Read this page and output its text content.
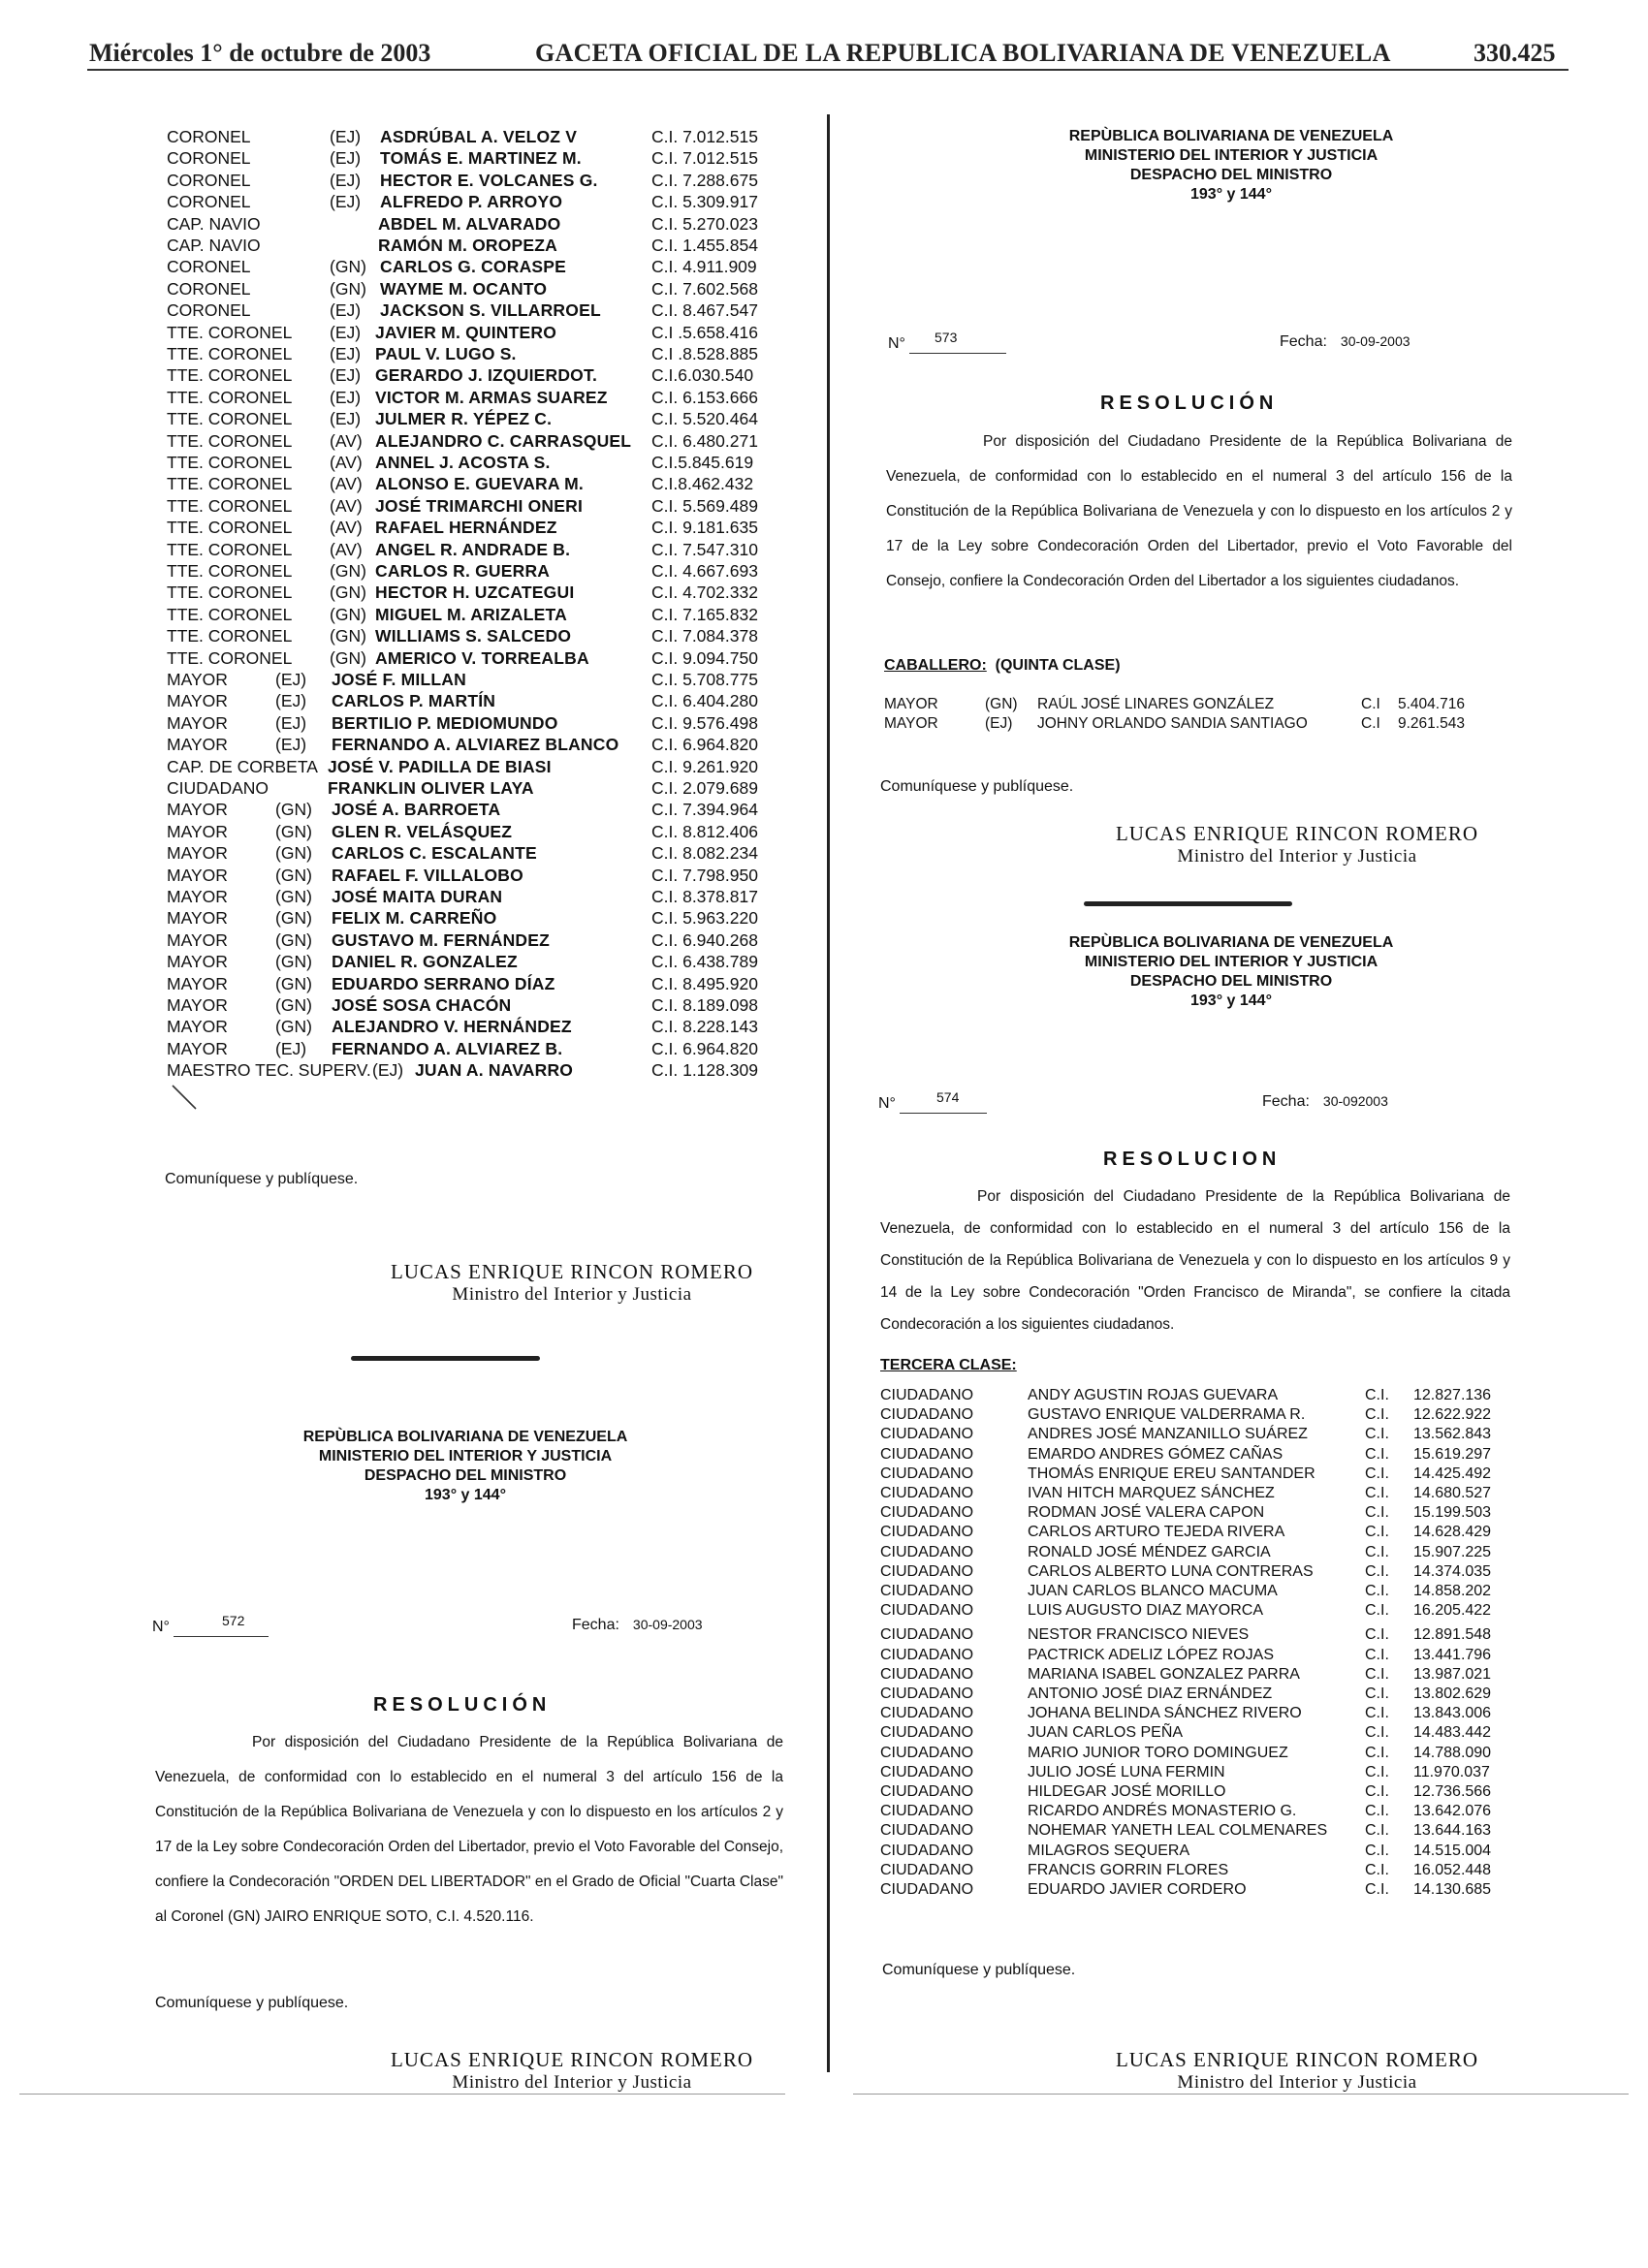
Miércoles 1° de octubre de 2003	GACETA OFICIAL DE LA REPUBLICA BOLIVARIANA DE VENEZUELA	330.425
CORONEL	(EJ) ASDRÚBAL A. VELOZ V	C.I. 7.012.515
CORONEL	(EJ) TOMÁS E. MARTINEZ M.	C.I. 7.012.515
CORONEL	(EJ) HECTOR E. VOLCANES G.	C.I. 7.288.675
CORONEL	(EJ) ALFREDO P. ARROYO	C.I. 5.309.917
CAP. NAVIO	ABDEL M. ALVARADO	C.I. 5.270.023
CAP. NAVIO	RAMÓN M. OROPEZA	C.I. 1.455.854
CORONEL	(GN) CARLOS G. CORASPE	C.I. 4.911.909
CORONEL	(GN) WAYME M. OCANTO	C.I. 7.602.568
CORONEL	(EJ) JACKSON S. VILLARROEL	C.I. 8.467.547
TTE. CORONEL (EJ) JAVIER M. QUINTERO	C.I .5.658.416
TTE. CORONEL (EJ) PAUL V. LUGO S.	C.I .8.528.885
TTE. CORONEL (EJ) GERARDO J. IZQUIERDOT.	C.I.6.030.540
TTE. CORONEL (EJ) VICTOR M. ARMAS SUAREZ	C.I. 6.153.666
TTE. CORONEL (EJ) JULMER R. YÉPEZ C.	C.I. 5.520.464
TTE. CORONEL (AV) ALEJANDRO C. CARRASQUEL C.I. 6.480.271
TTE. CORONEL (AV) ANNEL J. ACOSTA S.	C.I.5.845.619
TTE. CORONEL (AV) ALONSO E. GUEVARA M.	C.I.8.462.432
TTE. CORONEL (AV) JOSÉ TRIMARCHI ONERI	C.I. 5.569.489
TTE. CORONEL (AV) RAFAEL HERNÁNDEZ	C.I. 9.181.635
TTE. CORONEL (AV) ANGEL R. ANDRADE B.	C.I. 7.547.310
TTE. CORONEL (GN) CARLOS R. GUERRA	C.I. 4.667.693
TTE. CORONEL (GN) HECTOR H. UZCATEGUI	C.I. 4.702.332
TTE. CORONEL (GN) MIGUEL M. ARIZALETA	C.I. 7.165.832
TTE. CORONEL (GN) WILLIAMS S. SALCEDO	C.I. 7.084.378
TTE. CORONEL (GN) AMERICO V. TORREALBA	C.I. 9.094.750
MAYOR	(EJ) JOSÉ F. MILLAN	C.I. 5.708.775
MAYOR	(EJ) CARLOS P. MARTÍN	C.I. 6.404.280
MAYOR	(EJ) BERTILIO P. MEDIOMUNDO	C.I. 9.576.498
MAYOR	(EJ) FERNANDO A. ALVIAREZ BLANCO C.I. 6.964.820
CAP. DE CORBETA JOSÉ V. PADILLA DE BIASI	C.I. 9.261.920
CIUDADANO	FRANKLIN OLIVER LAYA	C.I. 2.079.689
MAYOR	(GN) JOSÉ A. BARROETA	C.I. 7.394.964
MAYOR	(GN) GLEN R. VELÁSQUEZ	C.I. 8.812.406
MAYOR	(GN) CARLOS C. ESCALANTE	C.I. 8.082.234
MAYOR	(GN) RAFAEL F. VILLALOBO	C.I. 7.798.950
MAYOR	(GN) JOSÉ MAITA DURAN	C.I. 8.378.817
MAYOR	(GN) FELIX M. CARREÑO	C.I. 5.963.220
MAYOR	(GN) GUSTAVO M. FERNÁNDEZ	C.I. 6.940.268
MAYOR	(GN) DANIEL R. GONZALEZ	C.I. 6.438.789
MAYOR	(GN) EDUARDO SERRANO DÍAZ	C.I. 8.495.920
MAYOR	(GN) JOSÉ SOSA CHACÓN	C.I. 8.189.098
MAYOR	(GN) ALEJANDRO V. HERNÁNDEZ	C.I. 8.228.143
MAYOR	(EJ) FERNANDO A. ALVIAREZ B.	C.I. 6.964.820
MAESTRO TEC. SUPERV. (EJ) JUAN A. NAVARRO	C.I. 1.128.309
Comuníquese y publíquese.
LUCAS ENRIQUE RINCON ROMERO
Ministro del Interior y Justicia
REPÙBLICA BOLIVARIANA DE VENEZUELA
MINISTERIO DEL INTERIOR Y JUSTICIA
DESPACHO DEL MINISTRO
193° y 144°
N°	572	Fecha: 30-09-2003
RESOLUCIÓN
Por disposición del Ciudadano Presidente de la República Bolivariana de Venezuela, de conformidad con lo establecido en el numeral 3 del artículo 156 de la Constitución de la República Bolivariana de Venezuela y con lo dispuesto en los artículos 2 y 17 de la Ley sobre Condecoración Orden del Libertador, previo el Voto Favorable del Consejo, confiere la Condecoración "ORDEN DEL LIBERTADOR" en el Grado de Oficial "Cuarta Clase" al Coronel (GN) JAIRO ENRIQUE SOTO, C.I. 4.520.116.
Comuníquese y publíquese.
LUCAS ENRIQUE RINCON ROMERO
Ministro del Interior y Justicia
REPÙBLICA BOLIVARIANA DE VENEZUELA
MINISTERIO DEL INTERIOR Y JUSTICIA
DESPACHO DEL MINISTRO
193° y 144°
N° 573	Fecha: 30-09-2003
RESOLUCIÓN
Por disposición del Ciudadano Presidente de la República Bolivariana de Venezuela, de conformidad con lo establecido en el numeral 3 del artículo 156 de la Constitución de la República Bolivariana de Venezuela y con lo dispuesto en los artículos 2 y 17 de la Ley sobre Condecoración Orden del Libertador, previo el Voto Favorable del Consejo, confiere la Condecoración Orden del Libertador a los siguientes ciudadanos.
CABALLERO: (QUINTA CLASE)
MAYOR	(GN) RAÚL JOSÉ LINARES GONZÁLEZ	C.I 5.404.716
MAYOR	(EJ) JOHNY ORLANDO SANDIA SANTIAGO	C.I 9.261.543
Comuníquese y publíquese.
LUCAS ENRIQUE RINCON ROMERO
Ministro del Interior y Justicia
REPÙBLICA BOLIVARIANA DE VENEZUELA
MINISTERIO DEL INTERIOR Y JUSTICIA
DESPACHO DEL MINISTRO
193° y 144°
N°	574	Fecha: 30-092003
RESOLUCION
Por disposición del Ciudadano Presidente de la República Bolivariana de Venezuela, de conformidad con lo establecido en el numeral 3 del artículo 156 de la Constitución de la República Bolivariana de Venezuela y con lo dispuesto en los artículos 9 y 14 de la Ley sobre Condecoración "Orden Francisco de Miranda", se confiere la citada Condecoración a los siguientes ciudadanos.
TERCERA CLASE:
CIUDADANO	ANDY AGUSTIN ROJAS GUEVARA	C.I. 12.827.136
CIUDADANO	GUSTAVO ENRIQUE VALDERRAMA R.	C.I. 12.622.922
CIUDADANO	ANDRES JOSÉ MANZANILLO SUÁREZ	C.I. 13.562.843
CIUDADANO	EMARDO ANDRES GÓMEZ CAÑAS	C.I. 15.619.297
CIUDADANO	THOMÁS ENRIQUE EREU SANTANDER	C.I. 14.425.492
CIUDADANO	IVAN HITCH MARQUEZ SÁNCHEZ	C.I. 14.680.527
CIUDADANO	RODMAN JOSÉ VALERA CAPON	C.I. 15.199.503
CIUDADANO	CARLOS ARTURO TEJEDA RIVERA	C.I. 14.628.429
CIUDADANO	RONALD JOSÉ MÉNDEZ GARCIA	C.I. 15.907.225
CIUDADANO	CARLOS ALBERTO LUNA CONTRERAS	C.I. 14.374.035
CIUDADANO	JUAN CARLOS BLANCO MACUMA	C.I. 14.858.202
CIUDADANO	LUIS AUGUSTO DIAZ MAYORCA	C.I. 16.205.422
CIUDADANO	NESTOR FRANCISCO NIEVES	C.I. 12.891.548
CIUDADANO	PACTRICK ADELIZ LÓPEZ ROJAS	C.I. 13.441.796
CIUDADANO	MARIANA ISABEL GONZALEZ PARRA	C.I. 13.987.021
CIUDADANO	ANTONIO JOSÉ DIAZ ERNÁNDEZ	C.I. 13.802.629
CIUDADANO	JOHANA BELINDA SÁNCHEZ RIVERO	C.I. 13.843.006
CIUDADANO	JUAN CARLOS PEÑA	C.I. 14.483.442
CIUDADANO	MARIO JUNIOR TORO DOMINGUEZ	C.I. 14.788.090
CIUDADANO	JULIO JOSÉ LUNA FERMIN	C.I. 11.970.037
CIUDADANO	HILDEGAR JOSÉ MORILLO	C.I. 12.736.566
CIUDADANO	RICARDO ANDRÉS MONASTERIO G.	C.I. 13.642.076
CIUDADANO	NOHEMAR YANETH LEAL COLMENARES C.I. 13.644.163
CIUDADANO	MILAGROS SEQUERA	C.I. 14.515.004
CIUDADANO	FRANCIS GORRIN FLORES	C.I. 16.052.448
CIUDADANO	EDUARDO JAVIER CORDERO	C.I. 14.130.685
Comuníquese y publíquese.
LUCAS ENRIQUE RINCON ROMERO
Ministro del Interior y Justicia
